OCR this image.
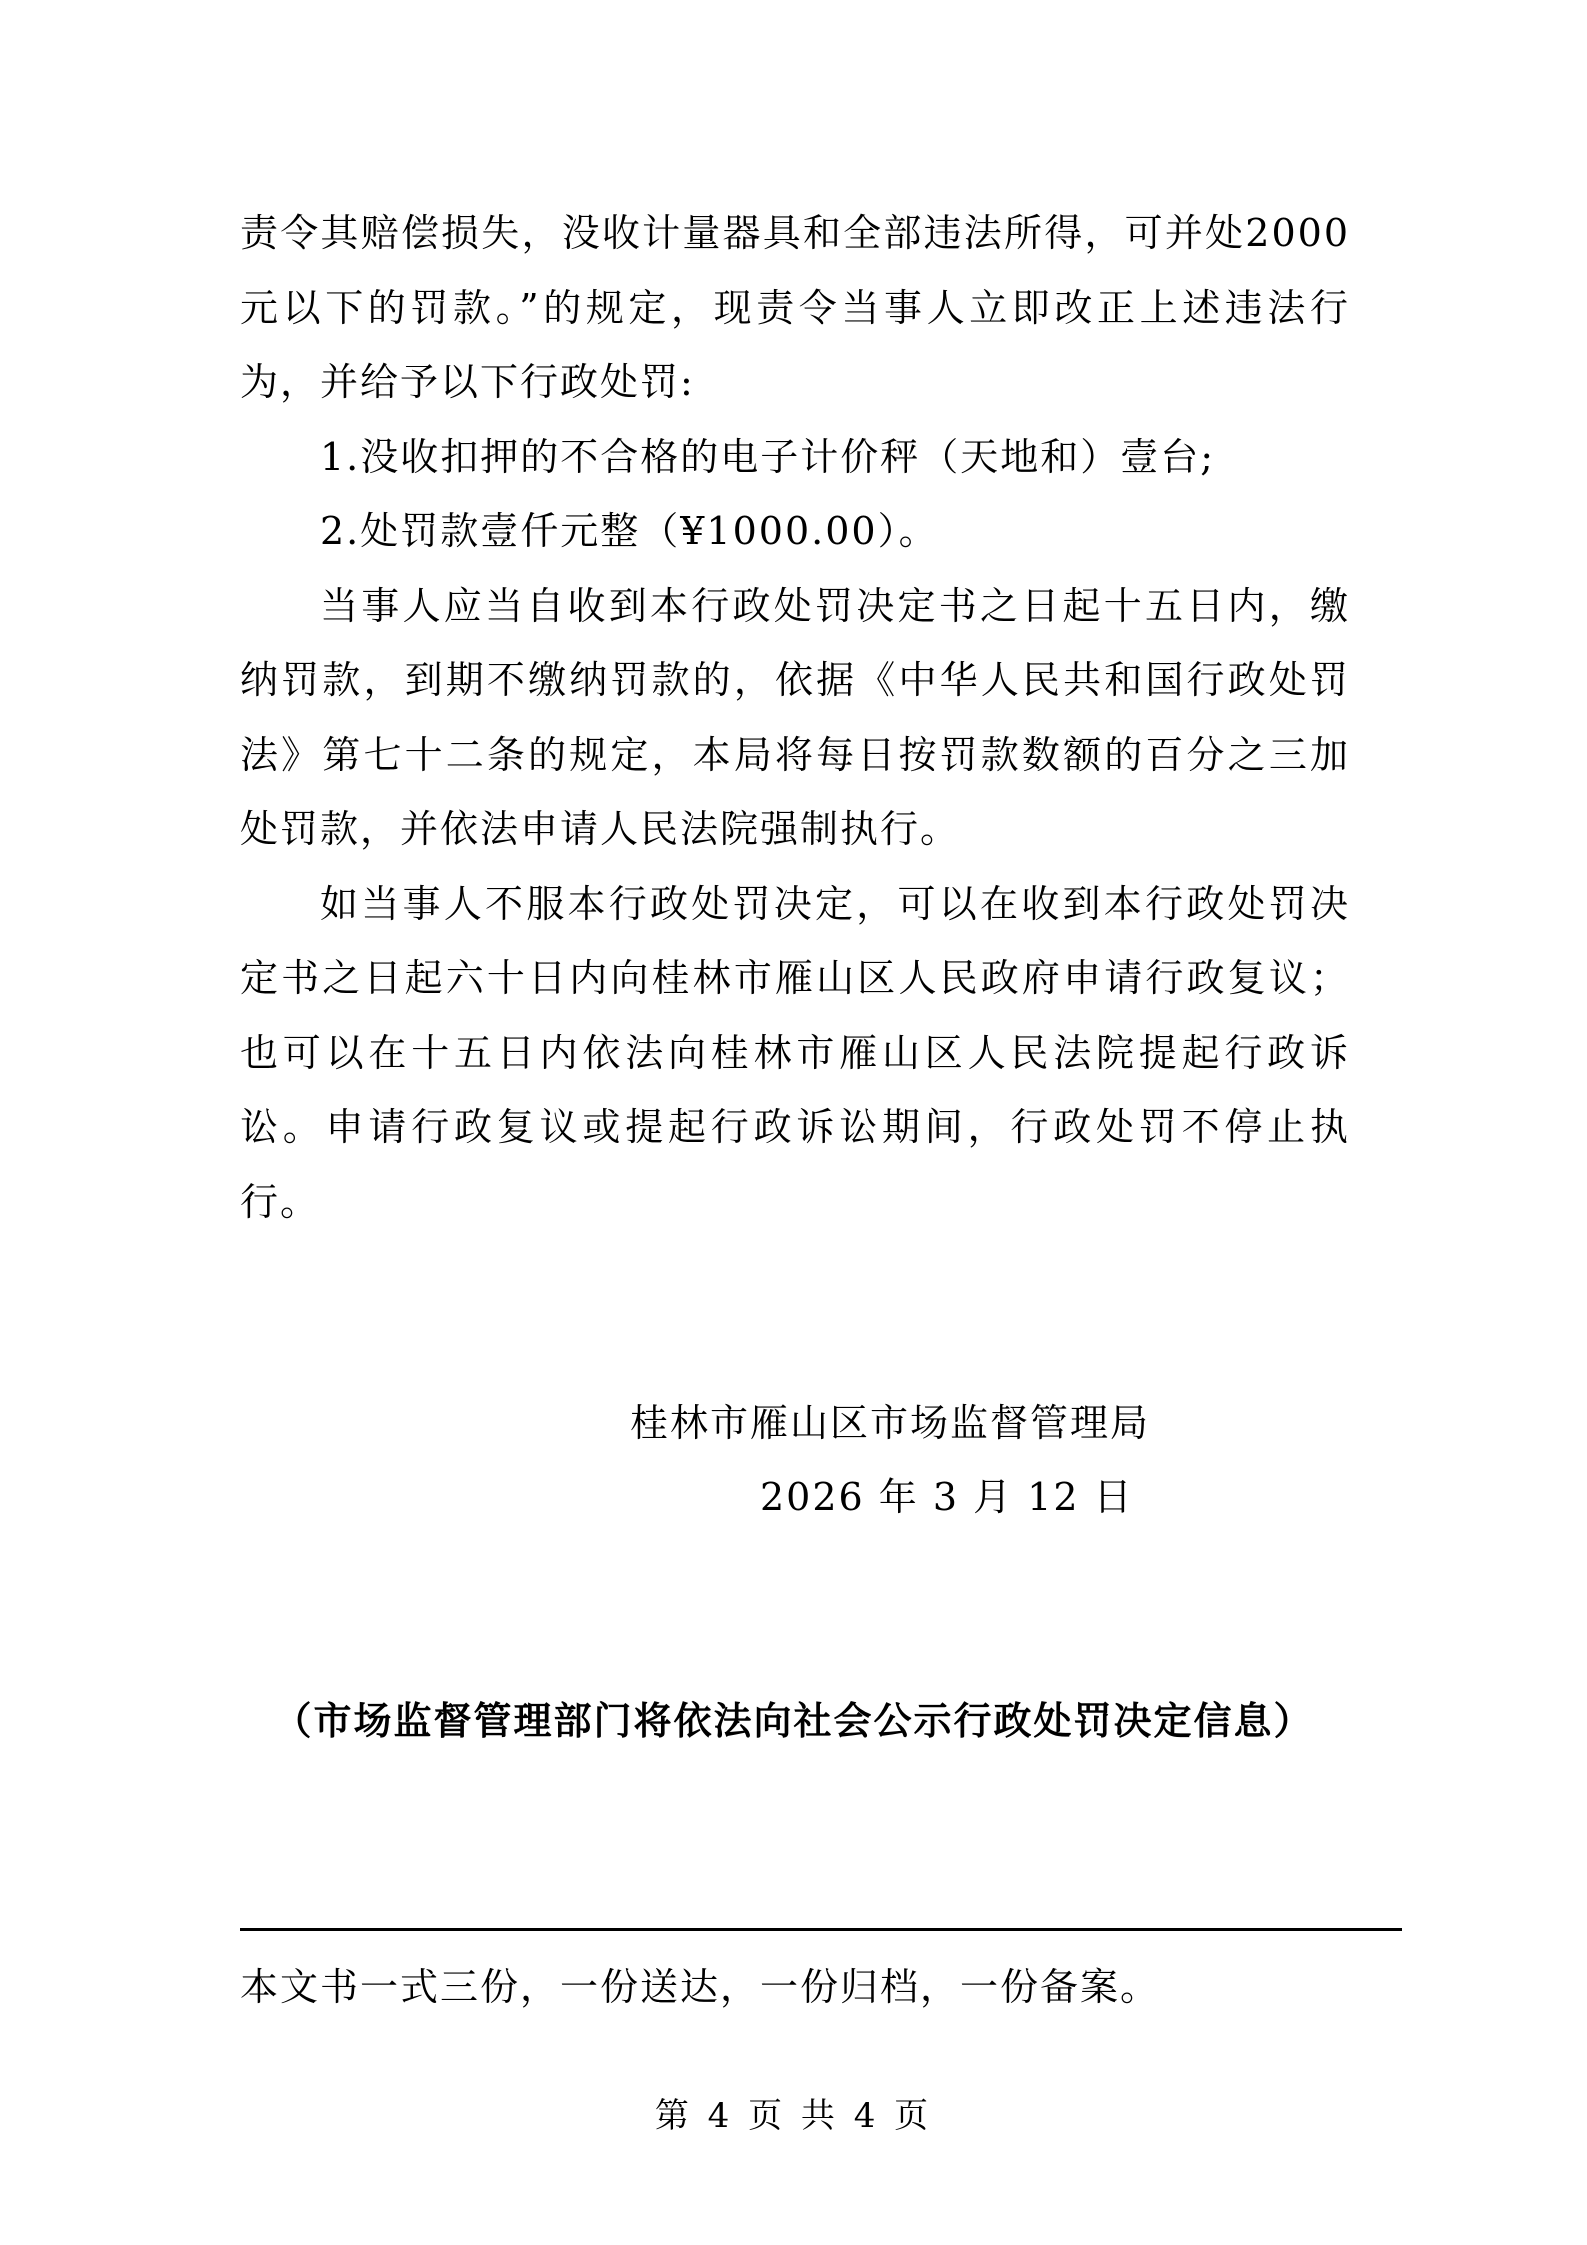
责令其赔偿损失，没收计量器具和全部违法所得，可并处2000元以下的罚款。”的规定，现责令当事人立即改正上述违法行为，并给予以下行政处罚:

1.没收扣押的不合格的电子计价秤（天地和）壹台;

2.处罚款壹仟元整（¥1000.00）。

当事人应当自收到本行政处罚决定书之日起十五日内，缴纳罚款，到期不缴纳罚款的，依据《中华人民共和国行政处罚法》第七十二条的规定，本局将每日按罚款数额的百分之三加处罚款，并依法申请人民法院强制执行。

如当事人不服本行政处罚决定，可以在收到本行政处罚决定书之日起六十日内向桂林市雁山区人民政府申请行政复议；也可以在十五日内依法向桂林市雁山区人民法院提起行政诉讼。申请行政复议或提起行政诉讼期间，行政处罚不停止执行。

桂林市雁山区市场监督管理局
2026 年 3 月 12 日
（市场监督管理部门将依法向社会公示行政处罚决定信息）
本文书一式三份，一份送达，一份归档，一份备案。
第 4 页 共 4 页
